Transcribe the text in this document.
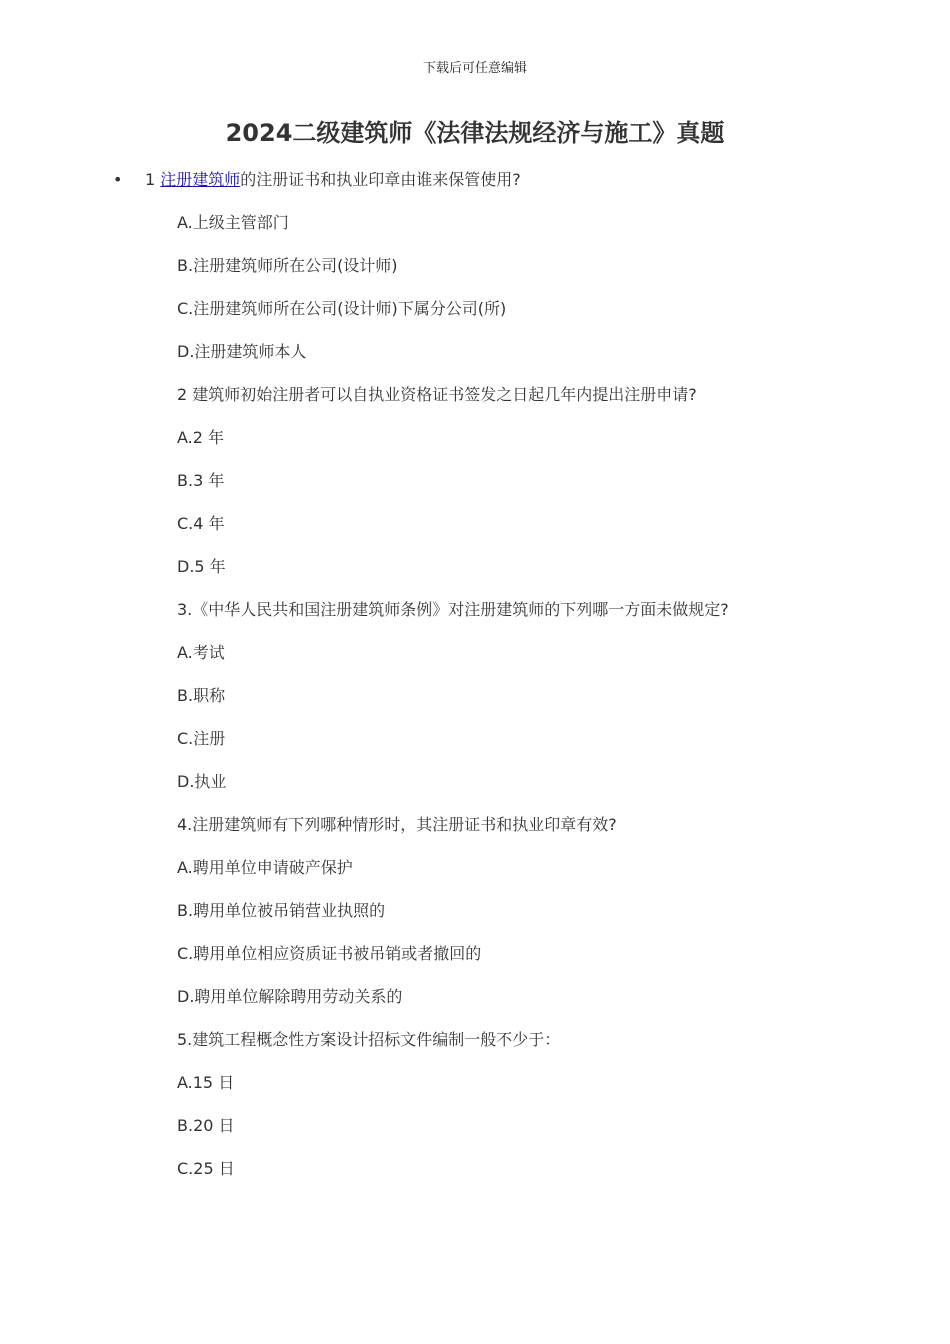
下载后可任意编辑
2024二级建筑师《法律法规经济与施工》真题
• 1 注册建筑师的注册证书和执业印章由谁来保管使用?
A.上级主管部门
B.注册建筑师所在公司(设计师)
C.注册建筑师所在公司(设计师)下属分公司(所)
D.注册建筑师本人
2 建筑师初始注册者可以自执业资格证书签发之日起几年内提出注册申请?
A.2 年
B.3 年
C.4 年
D.5 年
3.《中华人民共和国注册建筑师条例》对注册建筑师的下列哪一方面未做规定?
A.考试
B.职称
C.注册
D.执业
4.注册建筑师有下列哪种情形时，其注册证书和执业印章有效?
A.聘用单位申请破产保护
B.聘用单位被吊销营业执照的
C.聘用单位相应资质证书被吊销或者撤回的
D.聘用单位解除聘用劳动关系的
5.建筑工程概念性方案设计招标文件编制一般不少于：
A.15 日
B.20 日
C.25 日
